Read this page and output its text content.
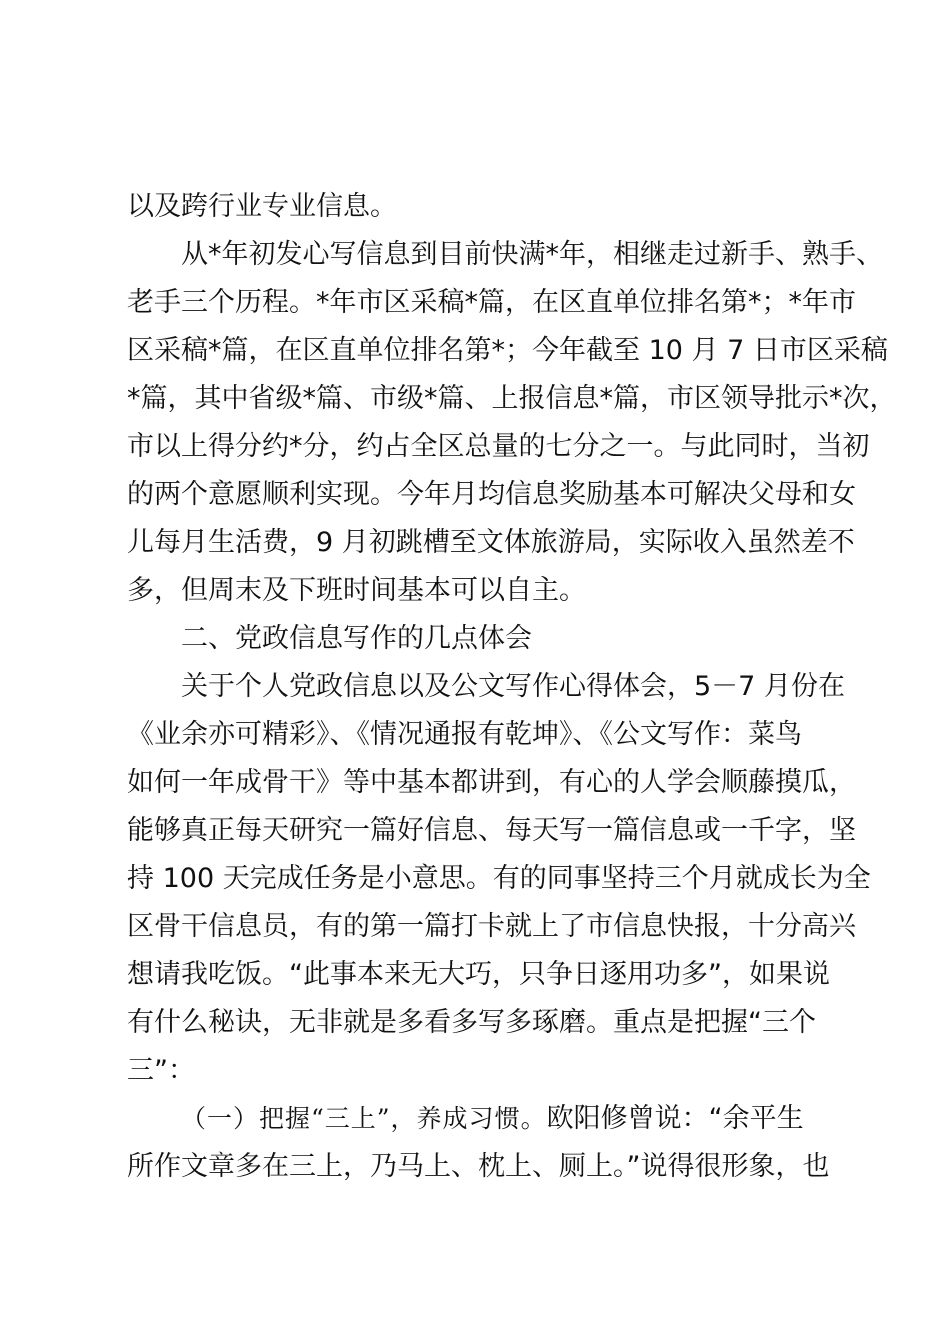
以及跨行业专业信息。
从*年初发心写信息到目前快满*年，相继走过新手、熟手、
老手三个历程。*年市区采稿*篇，在区直单位排名第*；*年市
区采稿*篇，在区直单位排名第*；今年截至 10 月 7 日市区采稿
*篇，其中省级*篇、市级*篇、上报信息*篇，市区领导批示*次，
市以上得分约*分，约占全区总量的七分之一。与此同时，当初
的两个意愿顺利实现。今年月均信息奖励基本可解决父母和女
儿每月生活费，9 月初跳槽至文体旅游局，实际收入虽然差不
多，但周末及下班时间基本可以自主。
二、党政信息写作的几点体会
关于个人党政信息以及公文写作心得体会，5－7 月份在
《业余亦可精彩》、《情况通报有乾坤》、《公文写作：菜鸟
如何一年成骨干》等中基本都讲到，有心的人学会顺藤摸瓜，
能够真正每天研究一篇好信息、每天写一篇信息或一千字，坚
持 100 天完成任务是小意思。有的同事坚持三个月就成长为全
区骨干信息员，有的第一篇打卡就上了市信息快报，十分高兴
想请我吃饭。“此事本来无大巧，只争日逐用功多”，如果说
有什么秘诀，无非就是多看多写多琢磨。重点是把握“三个
三”：
（一）把握“三上”，养成习惯。欧阳修曾说：“余平生
所作文章多在三上，乃马上、枕上、厕上。”说得很形象，也
